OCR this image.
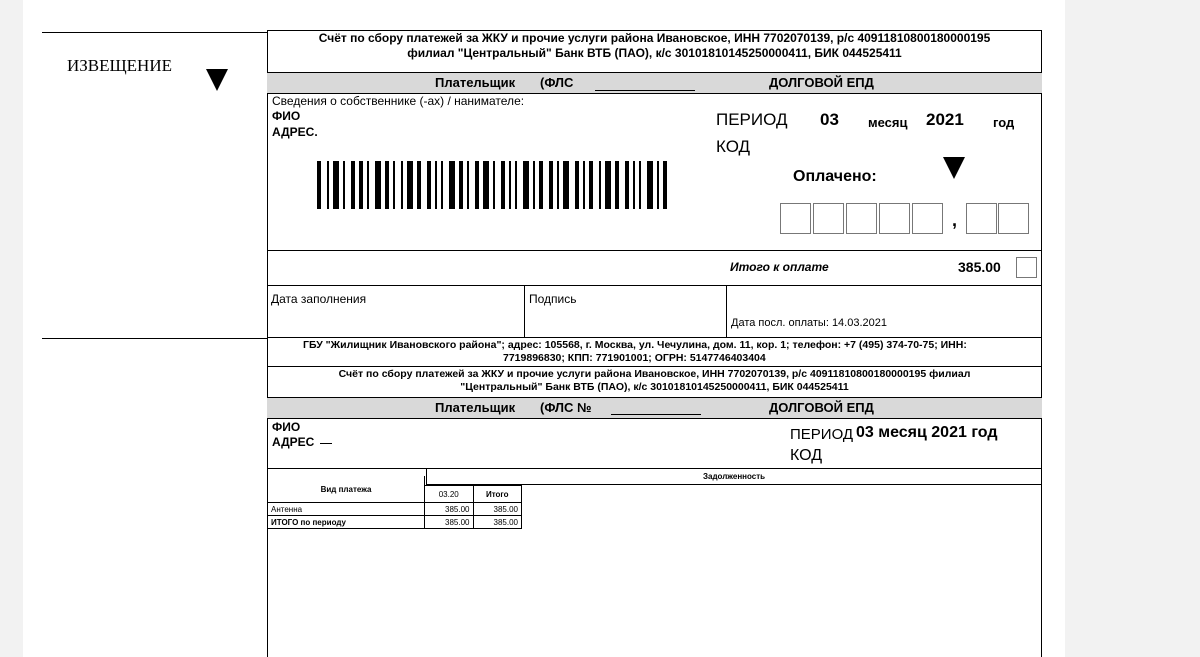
ИЗВЕЩЕНИЕ
Счёт по сбору платежей за ЖКУ и прочие услуги района Ивановское, ИНН 7702070139, р/с 40911810800180000195
филиал "Центральный" Банк ВТБ (ПАО), к/с 30101810145250000411, БИК 044525411
Плательщик (ФЛС	ДОЛГОВОЙ ЕПД
Сведения о собственнике (-ах) / нанимателе:
ФИО
АДРЕС.
ПЕРИОД 03 месяц 2021 год
КОД
Оплачено:
,
Итого к оплате	385.00
Дата заполнения	Подпись
Дата посл. оплаты: 14.03.2021
ГБУ "Жилищник Ивановского района"; адрес: 105568, г. Москва, ул. Чечулина, дом. 11, кор. 1; телефон: +7 (495) 374-70-75; ИНН:
7719896830; КПП: 771901001; ОГРН: 5147746403404
Счёт по сбору платежей за ЖКУ и прочие услуги района Ивановское, ИНН 7702070139, р/с 40911810800180000195 филиал
"Центральный" Банк ВТБ (ПАО), к/с 30101810145250000411, БИК 044525411
Плательщик (ФЛС №	ДОЛГОВОЙ ЕПД
ФИО
АДРЕС	ПЕРИОД 03 месяц 2021 год
КОД
Задолженность
Вид платежа		
	03.20	Итого
Антенна	385.00	385.00
ИТОГО по периоду	385.00	385.00
